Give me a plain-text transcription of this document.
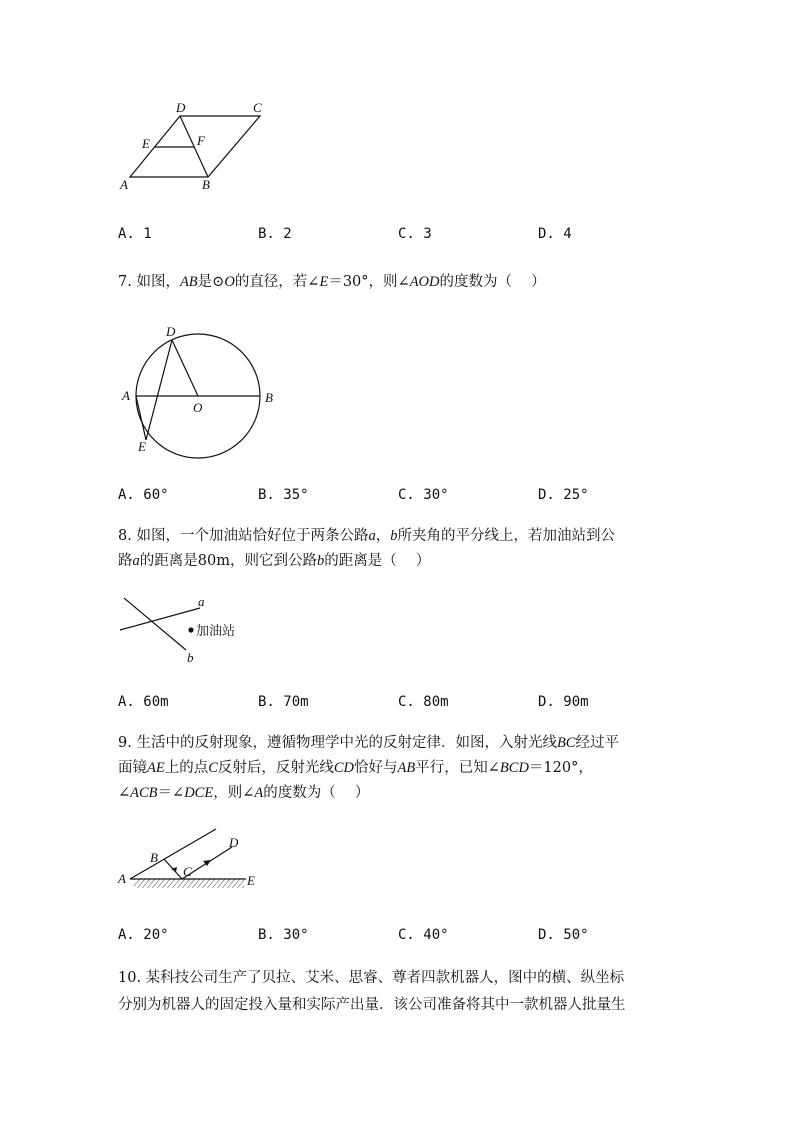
D	C
E	F
A	B
A. 1	B. 2	C. 3	D. 4
7. 如图，AB是⊙O的直径，若∠E＝30°，则∠AOD的度数为（　 ）
D
A
O
B
E
A. 60°	B. 35°	C. 30°	D. 25°
8. 如图，一个加油站恰好位于两条公路a，b所夹角的平分线上，若加油站到公
路a的距离是80m，则它到公路b的距离是（　 ）
a
b
加油站
A. 60m	B. 70m	C. 80m	D. 90m
9. 生活中的反射现象，遵循物理学中光的反射定律．如图，入射光线BC经过平
面镜AE上的点C反射后，反射光线CD恰好与AB平行，已知∠BCD＝120°，
∠ACB＝∠DCE，则∠A的度数为（　 ）
A
B
C
D
E
A. 20°	B. 30°	C. 40°	D. 50°
10. 某科技公司生产了贝拉、艾米、思睿、尊者四款机器人，图中的横、纵坐标
分别为机器人的固定投入量和实际产出量．该公司准备将其中一款机器人批量生
